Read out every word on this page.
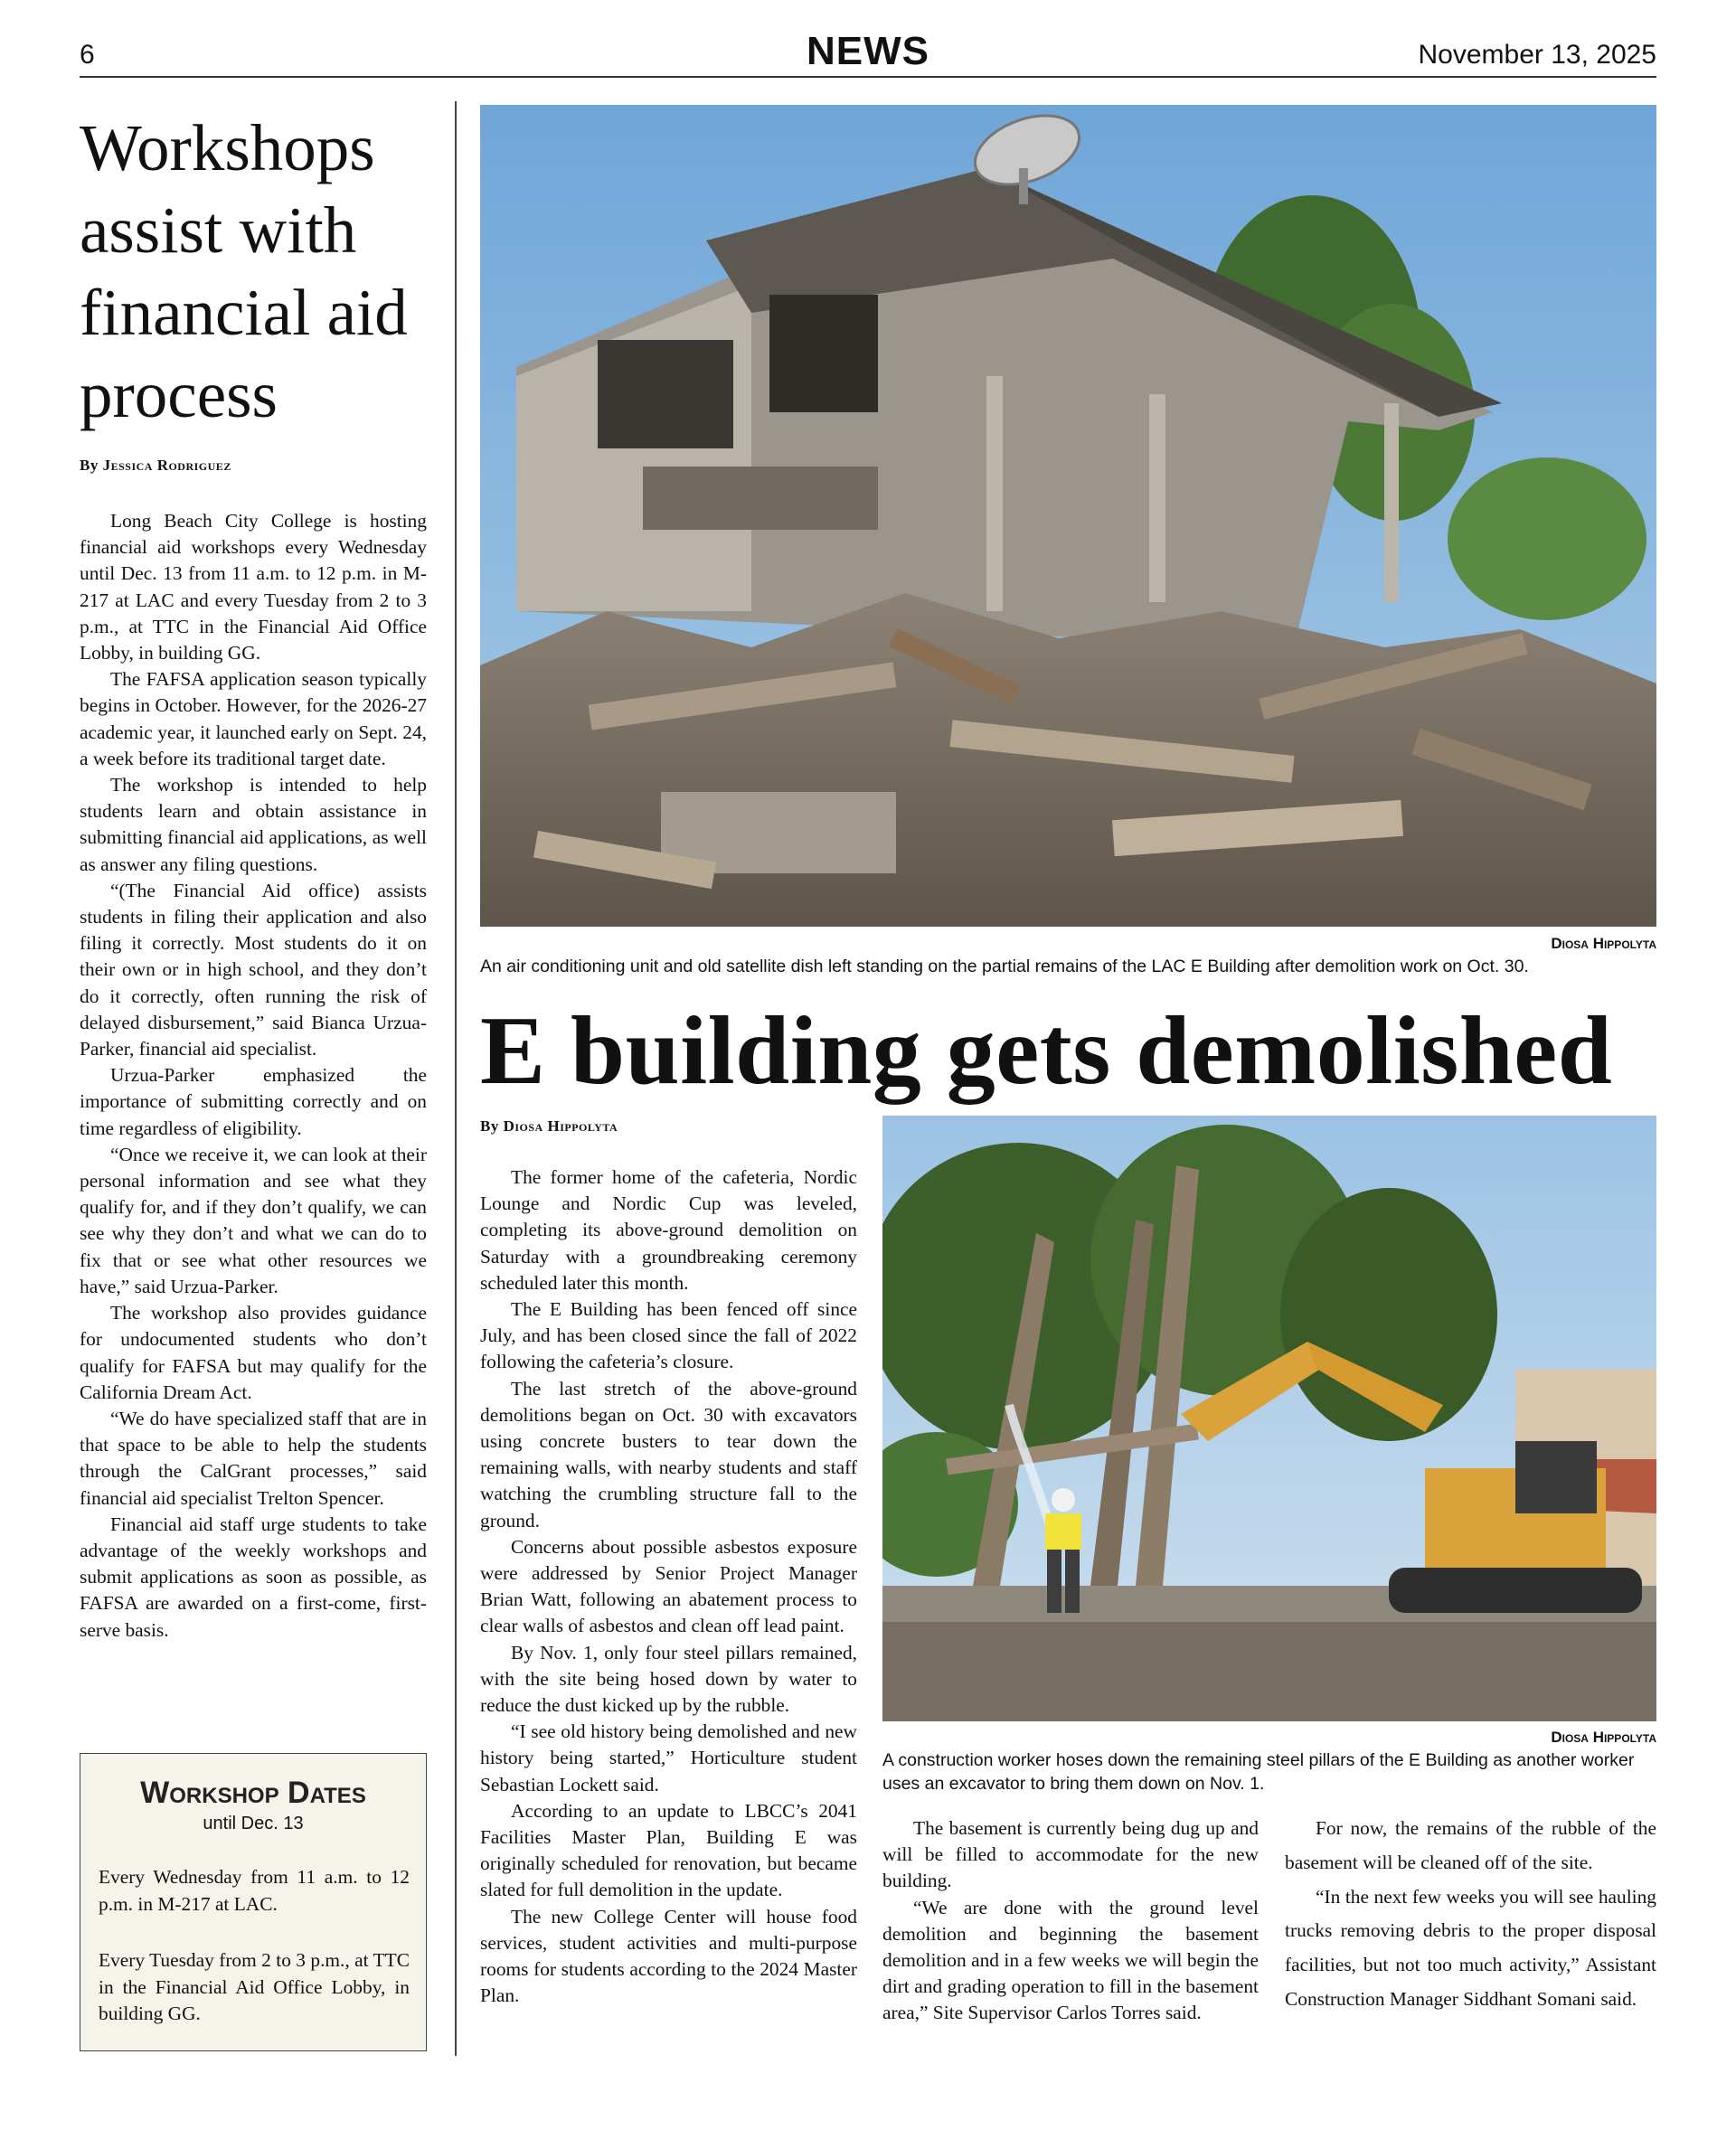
6	NEWS	November 13, 2025
Workshops assist with financial aid process
By Jessica Rodriguez

Long Beach City College is hosting financial aid workshops every Wednesday until Dec. 13 from 11 a.m. to 12 p.m. in M-217 at LAC and every Tuesday from 2 to 3 p.m., at TTC in the Financial Aid Office Lobby, in building GG.

The FAFSA application season typically begins in October. However, for the 2026-27 academic year, it launched early on Sept. 24, a week before its traditional target date.

The workshop is intended to help students learn and obtain assistance in submitting financial aid applications, as well as answer any filing questions.

“(The Financial Aid office) assists students in filing their application and also filing it correctly. Most students do it on their own or in high school, and they don’t do it correctly, often running the risk of delayed disbursement,” said Bianca Urzua-Parker, financial aid specialist.

Urzua-Parker emphasized the importance of submitting correctly and on time regardless of eligibility.

“Once we receive it, we can look at their personal information and see what they qualify for, and if they don’t qualify, we can see why they don’t and what we can do to fix that or see what other resources we have,” said Urzua-Parker.

The workshop also provides guidance for undocumented students who don’t qualify for FAFSA but may qualify for the California Dream Act.

“We do have specialized staff that are in that space to be able to help the students through the CalGrant processes,” said financial aid specialist Trelton Spencer.

Financial aid staff urge students to take advantage of the weekly workshops and submit applications as soon as possible, as FAFSA are awarded on a first-come, first-serve basis.

Workshop Dates
until Dec. 13
Every Wednesday from 11 a.m. to 12 p.m. in M-217 at LAC.
Every Tuesday from 2 to 3 p.m., at TTC in the Financial Aid Office Lobby, in building GG.
Diosa Hippolyta
An air conditioning unit and old satellite dish left standing on the partial remains of the LAC E Building after demolition work on Oct. 30.
E building gets demolished
By Diosa Hippolyta

The former home of the cafeteria, Nordic Lounge and Nordic Cup was leveled, completing its above-ground demolition on Saturday with a groundbreaking ceremony scheduled later this month.

The E Building has been fenced off since July, and has been closed since the fall of 2022 following the cafeteria’s closure.

The last stretch of the above-ground demolitions began on Oct. 30 with excavators using concrete busters to tear down the remaining walls, with nearby students and staff watching the crumbling structure fall to the ground.

Concerns about possible asbestos exposure were addressed by Senior Project Manager Brian Watt, following an abatement process to clear walls of asbestos and clean off lead paint.

By Nov. 1, only four steel pillars remained, with the site being hosed down by water to reduce the dust kicked up by the rubble.

“I see old history being demolished and new history being started,” Horticulture student Sebastian Lockett said.

According to an update to LBCC’s 2041 Facilities Master Plan, Building E was originally scheduled for renovation, but became slated for full demolition in the update.

The new College Center will house food services, student activities and multi-purpose rooms for students according to the 2024 Master Plan.

Diosa Hippolyta
A construction worker hoses down the remaining steel pillars of the E Building as another worker uses an excavator to bring them down on Nov. 1.

The basement is currently being dug up and will be filled to accommodate for the new building.

“We are done with the ground level demolition and beginning the basement demolition and in a few weeks we will begin the dirt and grading operation to fill in the basement area,” Site Supervisor Carlos Torres said.

For now, the remains of the rubble of the basement will be cleaned off of the site.

“In the next few weeks you will see hauling trucks removing debris to the proper disposal facilities, but not too much activity,” Assistant Construction Manager Siddhant Somani said.
